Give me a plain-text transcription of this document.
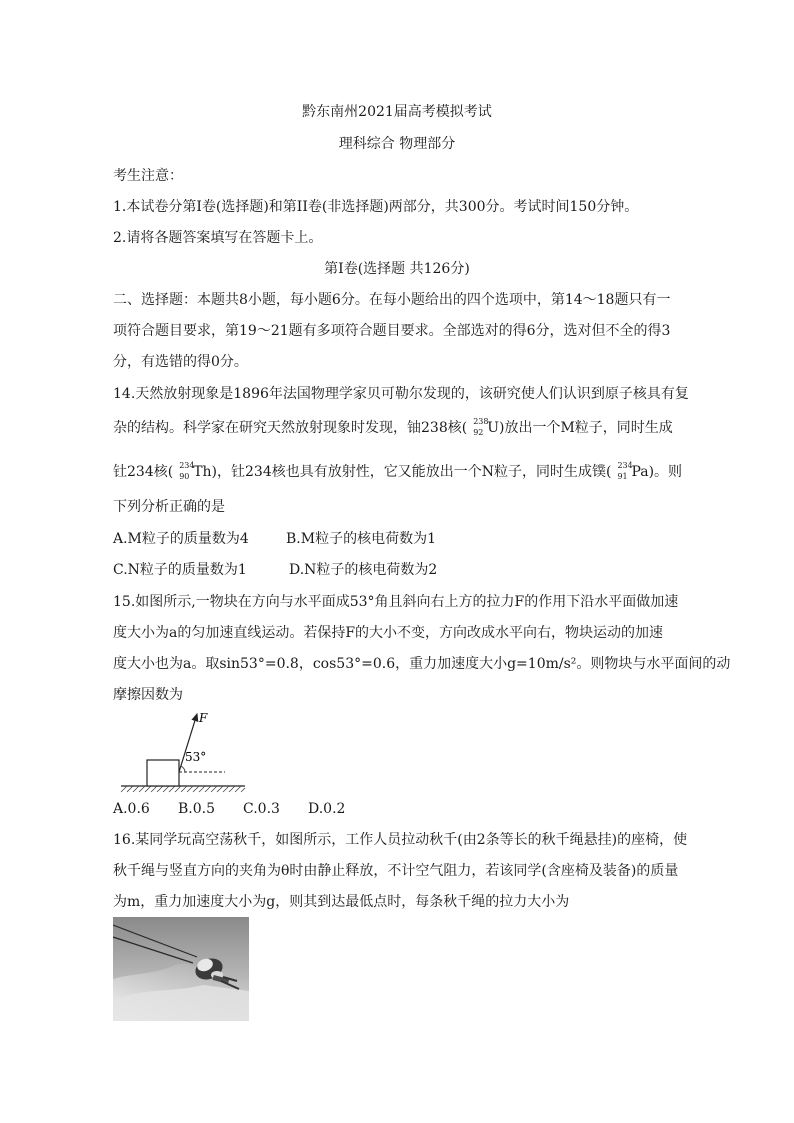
黔东南州2021届高考模拟考试
理科综合 物理部分
考生注意：
1.本试卷分第I卷(选择题)和第II卷(非选择题)两部分，共300分。考试时间150分钟。
2.请将各题答案填写在答题卡上。
第I卷(选择题 共126分)
二、选择题：本题共8小题，每小题6分。在每小题给出的四个选项中，第14～18题只有一
项符合题目要求，第19～21题有多项符合题目要求。全部选对的得6分，选对但不全的得3
分，有选错的得0分。
14.天然放射现象是1896年法国物理学家贝可勒尔发现的，该研究使人们认识到原子核具有复
杂的结构。科学家在研究天然放射现象时发现，铀238核( 238
92 U)放出一个M粒子，同时生成
钍234核( 234
90 Th)，钍234核也具有放射性，它又能放出一个N粒子，同时生成镤( 234
91 Pa)。则
下列分析正确的是
A.M粒子的质量数为4	B.M粒子的核电荷数为1
C.N粒子的质量数为1	D.N粒子的核电荷数为2
15.如图所示,一物块在方向与水平面成53°角且斜向右上方的拉力F的作用下沿水平面做加速
度大小为a的匀加速直线运动。若保持F的大小不变，方向改成水平向右，物块运动的加速
度大小也为a。取sin53°=0.8，cos53°=0.6，重力加速度大小g=10m/s²。则物块与水平面间的动
摩擦因数为
F
53°
A.0.6 B.0.5 C.0.3 D.0.2
16.某同学玩高空荡秋千，如图所示，工作人员拉动秋千(由2条等长的秋千绳悬挂)的座椅，使
秋千绳与竖直方向的夹角为θ时由静止释放，不计空气阻力，若该同学(含座椅及装备)的质量
为m，重力加速度大小为g，则其到达最低点时，每条秋千绳的拉力大小为
